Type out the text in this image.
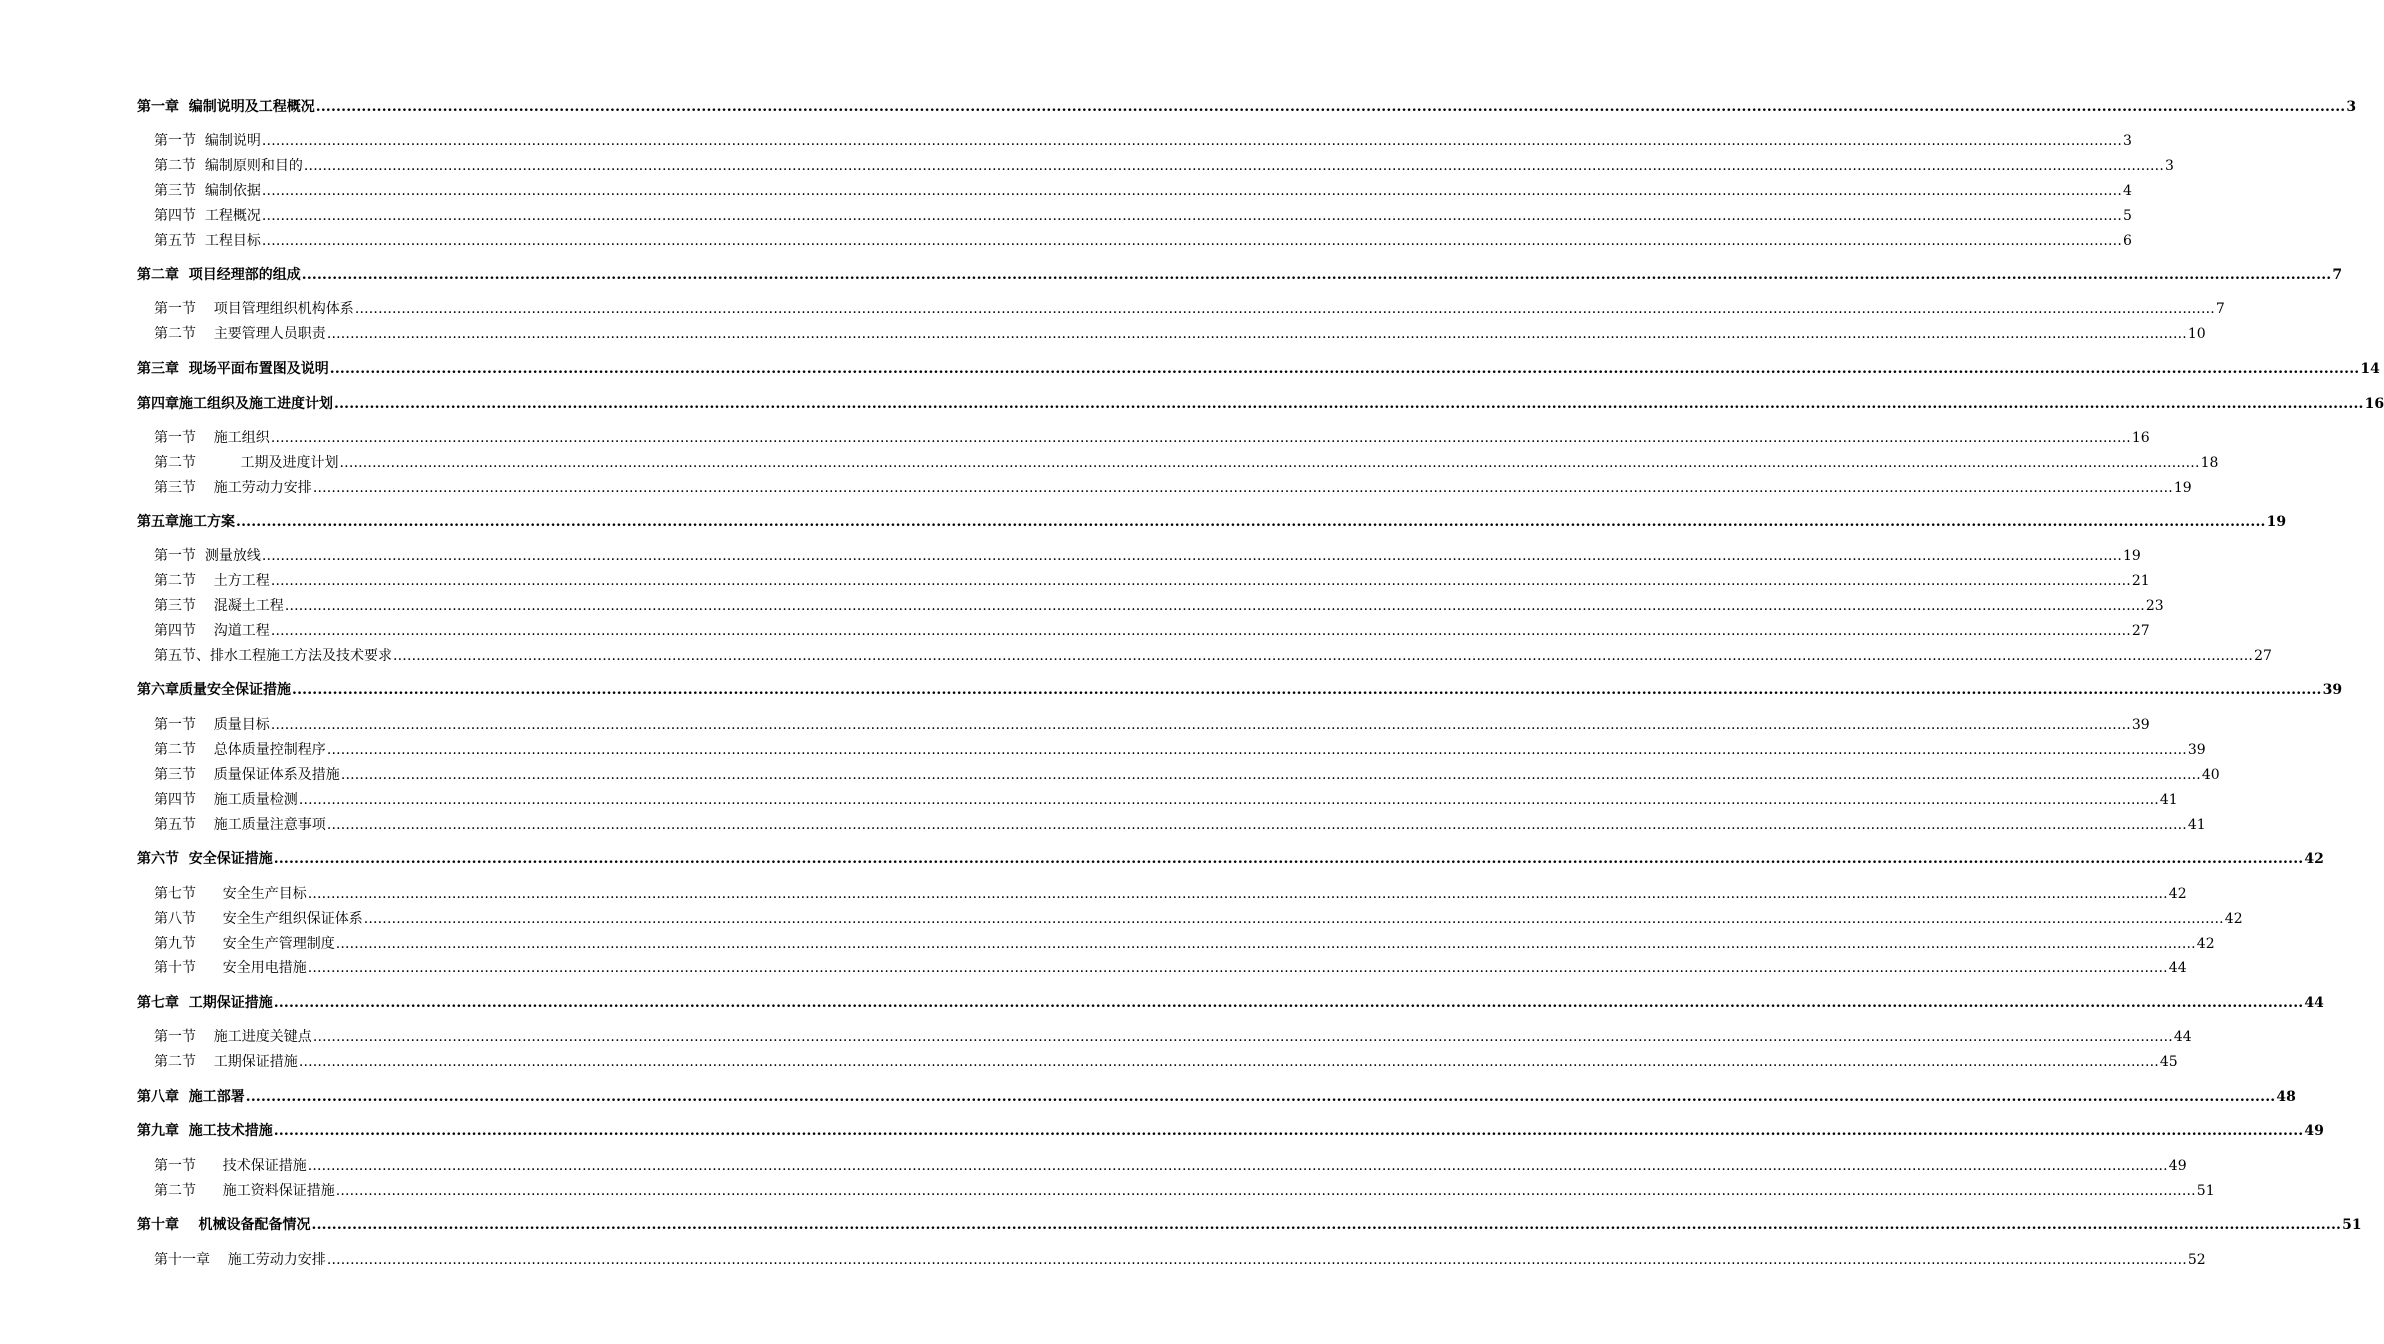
第一章  编制说明及工程概况 ................................................................................................................................................................................................................................................................................................................................................................................................................ 3
第一节  编制说明 ................................................................................................................................................................................................................................................................................................................................................................................................................ 3
第二节  编制原则和目的 ................................................................................................................................................................................................................................................................................................................................................................................................................ 3
第三节  编制依据 ................................................................................................................................................................................................................................................................................................................................................................................................................ 4
第四节  工程概况 ................................................................................................................................................................................................................................................................................................................................................................................................................ 5
第五节  工程目标 ................................................................................................................................................................................................................................................................................................................................................................................................................ 6
第二章  项目经理部的组成 ................................................................................................................................................................................................................................................................................................................................................................................................................ 7
第一节    项目管理组织机构体系 ................................................................................................................................................................................................................................................................................................................................................................................................................ 7
第二节    主要管理人员职责 ................................................................................................................................................................................................................................................................................................................................................................................................................ 10
第三章  现场平面布置图及说明 ................................................................................................................................................................................................................................................................................................................................................................................................................ 14
第四章施工组织及施工进度计划 ................................................................................................................................................................................................................................................................................................................................................................................................................ 16
第一节    施工组织 ................................................................................................................................................................................................................................................................................................................................................................................................................ 16
第二节          工期及进度计划 ................................................................................................................................................................................................................................................................................................................................................................................................................ 18
第三节    施工劳动力安排 ................................................................................................................................................................................................................................................................................................................................................................................................................ 19
第五章施工方案 ................................................................................................................................................................................................................................................................................................................................................................................................................ 19
第一节  测量放线 ................................................................................................................................................................................................................................................................................................................................................................................................................ 19
第二节    土方工程 ................................................................................................................................................................................................................................................................................................................................................................................................................ 21
第三节    混凝土工程 ................................................................................................................................................................................................................................................................................................................................................................................................................ 23
第四节    沟道工程 ................................................................................................................................................................................................................................................................................................................................................................................................................ 27
第五节、排水工程施工方法及技术要求 ................................................................................................................................................................................................................................................................................................................................................................................................................ 27
第六章质量安全保证措施 ................................................................................................................................................................................................................................................................................................................................................................................................................ 39
第一节    质量目标 ................................................................................................................................................................................................................................................................................................................................................................................................................ 39
第二节    总体质量控制程序 ................................................................................................................................................................................................................................................................................................................................................................................................................ 39
第三节    质量保证体系及措施 ................................................................................................................................................................................................................................................................................................................................................................................................................ 40
第四节    施工质量检测 ................................................................................................................................................................................................................................................................................................................................................................................................................ 41
第五节    施工质量注意事项 ................................................................................................................................................................................................................................................................................................................................................................................................................ 41
第六节  安全保证措施 ................................................................................................................................................................................................................................................................................................................................................................................................................ 42
第七节      安全生产目标 ................................................................................................................................................................................................................................................................................................................................................................................................................ 42
第八节      安全生产组织保证体系 ................................................................................................................................................................................................................................................................................................................................................................................................................ 42
第九节      安全生产管理制度 ................................................................................................................................................................................................................................................................................................................................................................................................................ 42
第十节      安全用电措施 ................................................................................................................................................................................................................................................................................................................................................................................................................ 44
第七章  工期保证措施 ................................................................................................................................................................................................................................................................................................................................................................................................................ 44
第一节    施工进度关键点 ................................................................................................................................................................................................................................................................................................................................................................................................................ 44
第二节    工期保证措施 ................................................................................................................................................................................................................................................................................................................................................................................................................ 45
第八章  施工部署 ................................................................................................................................................................................................................................................................................................................................................................................................................ 48
第九章  施工技术措施 ................................................................................................................................................................................................................................................................................................................................................................................................................ 49
第一节      技术保证措施 ................................................................................................................................................................................................................................................................................................................................................................................................................ 49
第二节      施工资料保证措施 ................................................................................................................................................................................................................................................................................................................................................................................................................ 51
第十章    机械设备配备情况 ................................................................................................................................................................................................................................................................................................................................................................................................................ 51
第十一章    施工劳动力安排 ................................................................................................................................................................................................................................................................................................................................................................................................................ 52
